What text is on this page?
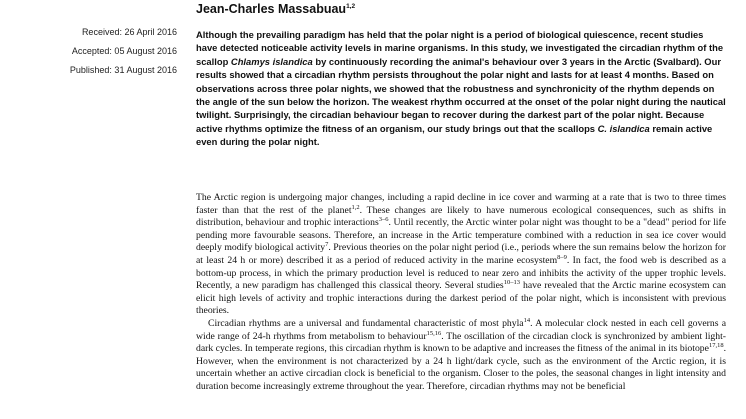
Jean-Charles Massabuau$^{1,2}$
Received: 26 April 2016
Accepted: 05 August 2016
Published: 31 August 2016

Although the prevailing paradigm has held that the polar night is a period of biological quiescence, recent studies have detected noticeable activity levels in marine organisms. In this study, we investigated the circadian rhythm of the scallop Chlamys islandica by continuously recording the animal's behaviour over 3 years in the Arctic (Svalbard). Our results showed that a circadian rhythm persists throughout the polar night and lasts for at least 4 months. Based on observations across three polar nights, we showed that the robustness and synchronicity of the rhythm depends on the angle of the sun below the horizon. The weakest rhythm occurred at the onset of the polar night during the nautical twilight. Surprisingly, the circadian behaviour began to recover during the darkest part of the polar night. Because active rhythms optimize the fitness of an organism, our study brings out that the scallops C. islandica remain active even during the polar night.

The Arctic region is undergoing major changes, including a rapid decline in ice cover and warming at a rate that is two to three times faster than that the rest of the planet$^{1,2}$. These changes are likely to have numerous ecological consequences, such as shifts in distribution, behaviour and trophic interactions$^{3-6}$. Until recently, the Arctic winter polar night was thought to be a "dead" period for life pending more favourable seasons. Therefore, an increase in the Artic temperature combined with a reduction in sea ice cover would deeply modify biological activity$^7$. Previous theories on the polar night period (i.e., periods where the sun remains below the horizon for at least 24 h or more) described it as a period of reduced activity in the marine ecosystem$^{8-9}$. In fact, the food web is described as a bottom-up process, in which the primary production level is reduced to near zero and inhibits the activity of the upper trophic levels. Recently, a new paradigm has challenged this classical theory. Several studies$^{10-13}$ have revealed that the Arctic marine ecosystem can elicit high levels of activity and trophic interactions during the darkest period of the polar night, which is inconsistent with previous theories.

Circadian rhythms are a universal and fundamental characteristic of most phyla$^{14}$. A molecular clock nested in each cell governs a wide range of 24-h rhythms from metabolism to behaviour$^{15,16}$. The oscillation of the circadian clock is synchronized by ambient light-dark cycles. In temperate regions, this circadian rhythm is known to be adaptive and increases the fitness of the animal in its biotope$^{17,18}$. However, when the environment is not characterized by a 24 h light/dark cycle, such as the environment of the Arctic region, it is uncertain whether an active circadian clock is beneficial to the organism. Closer to the poles, the seasonal changes in light intensity and duration become increasingly extreme throughout the year. Therefore, circadian rhythms may not be beneficial
